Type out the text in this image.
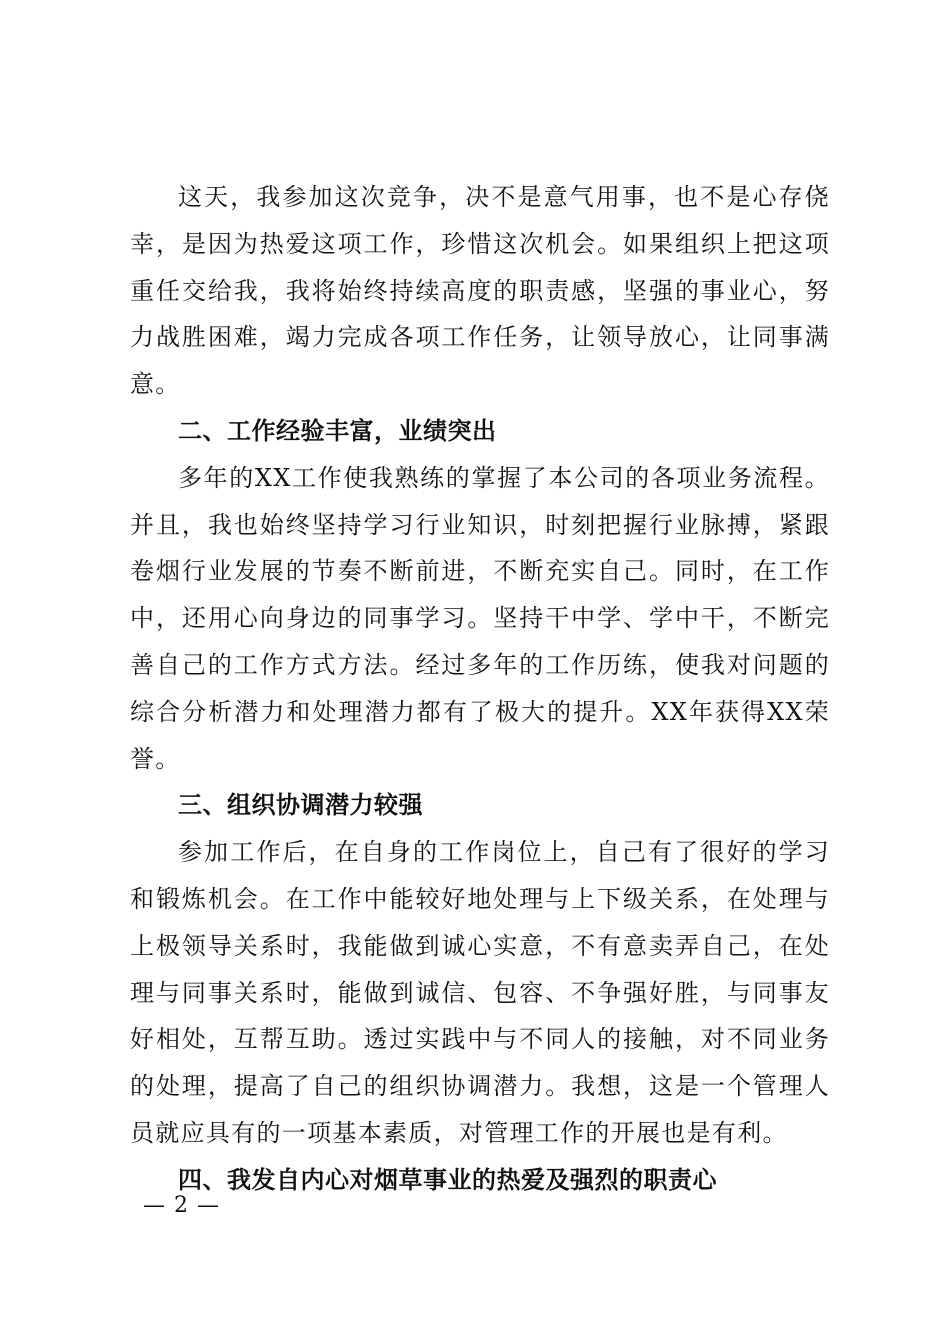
这天，我参加这次竞争，决不是意气用事，也不是心存侥幸，是因为热爱这项工作，珍惜这次机会。如果组织上把这项重任交给我，我将始终持续高度的职责感，坚强的事业心，努力战胜困难，竭力完成各项工作任务，让领导放心，让同事满意。

二、工作经验丰富，业绩突出

多年的XX工作使我熟练的掌握了本公司的各项业务流程。并且，我也始终坚持学习行业知识，时刻把握行业脉搏，紧跟卷烟行业发展的节奏不断前进，不断充实自己。同时，在工作中，还用心向身边的同事学习。坚持干中学、学中干，不断完善自己的工作方式方法。经过多年的工作历练，使我对问题的综合分析潜力和处理潜力都有了极大的提升。XX年获得XX荣誉。

三、组织协调潜力较强

参加工作后，在自身的工作岗位上，自己有了很好的学习和锻炼机会。在工作中能较好地处理与上下级关系，在处理与上极领导关系时，我能做到诚心实意，不有意卖弄自己，在处理与同事关系时，能做到诚信、包容、不争强好胜，与同事友好相处，互帮互助。透过实践中与不同人的接触，对不同业务的处理，提高了自己的组织协调潜力。我想，这是一个管理人员就应具有的一项基本素质，对管理工作的开展也是有利。

四、我发自内心对烟草事业的热爱及强烈的职责心

— 2 —
